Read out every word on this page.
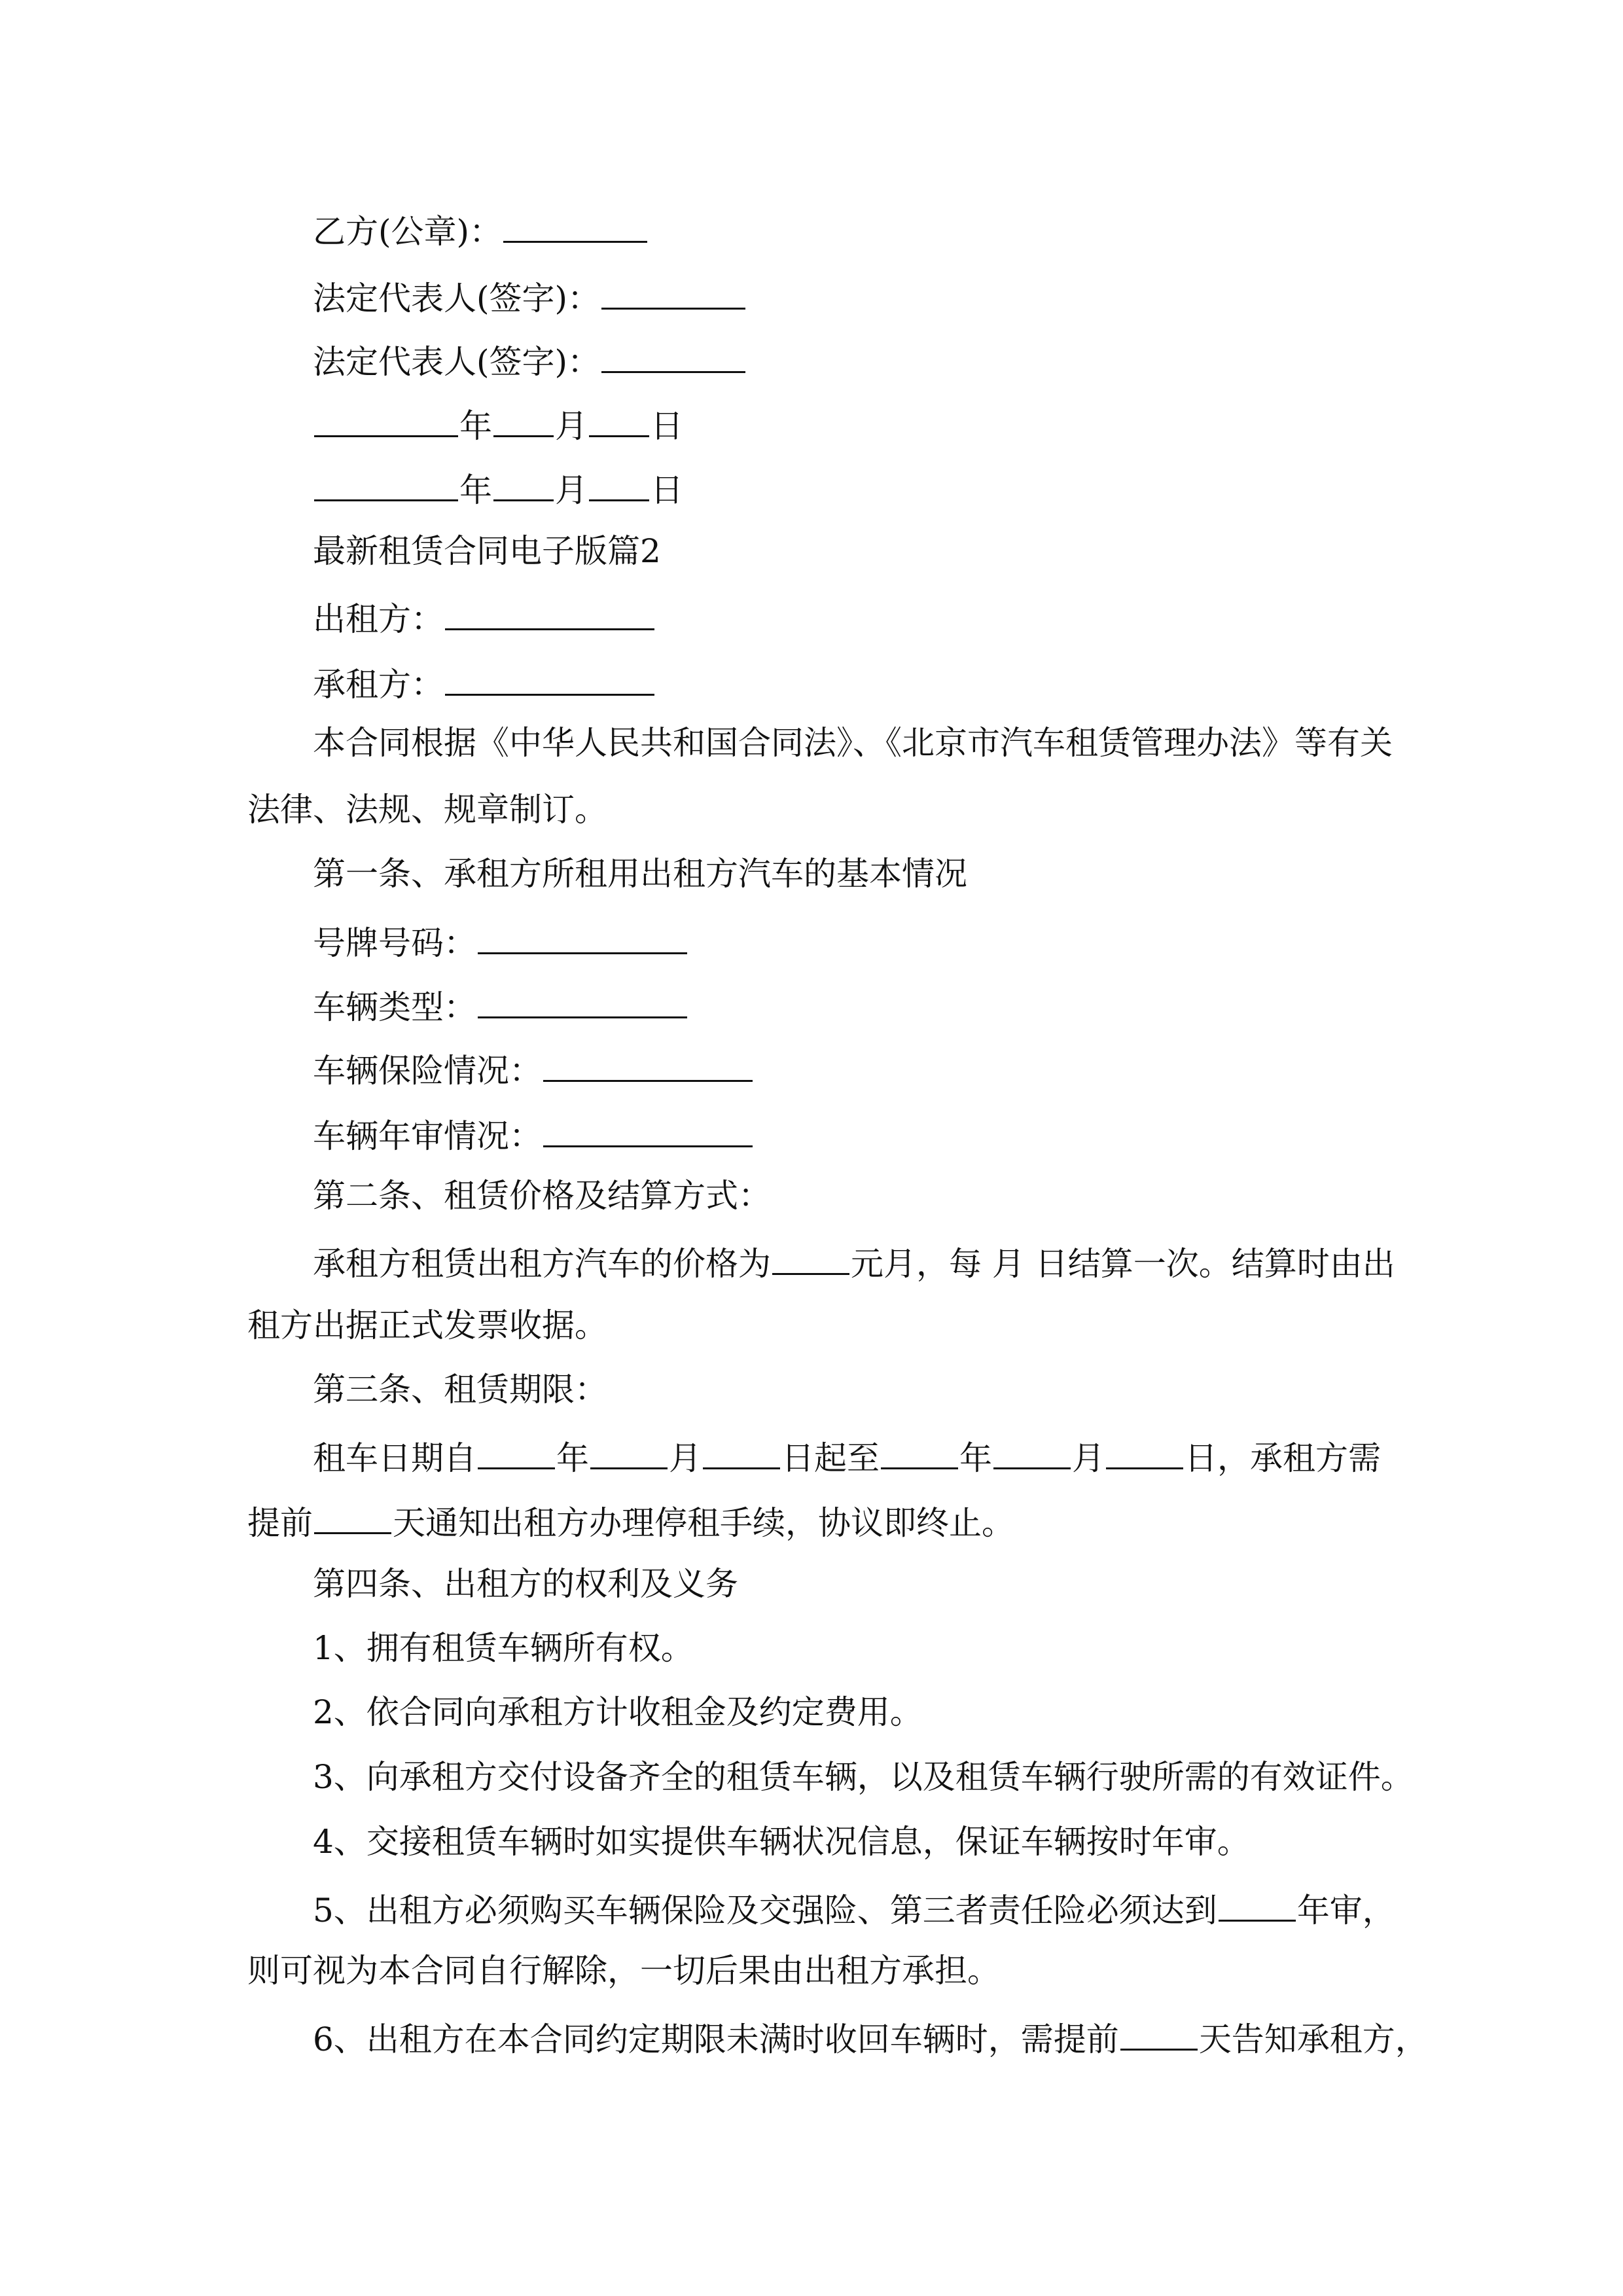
乙方(公章)：
法定代表人(签字)：
法定代表人(签字)：
年 月 日
年 月 日
最新租赁合同电子版篇2
出租方：
承租方：
本合同根据《中华人民共和国合同法》、《北京市汽车租赁管理办法》等有关
法律、法规、规章制订。
第一条、承租方所租用出租方汽车的基本情况
号牌号码：
车辆类型：
车辆保险情况：
车辆年审情况：
第二条、租赁价格及结算方式：
承租方租赁出租方汽车的价格为 元月，每 月 日结算一次。结算时由出
租方出据正式发票收据。
第三条、租赁期限：
租车日期自 年 月 日起至 年 月 日，承租方需
提前 天通知出租方办理停租手续，协议即终止。
第四条、出租方的权利及义务
1、拥有租赁车辆所有权。
2、依合同向承租方计收租金及约定费用。
3、向承租方交付设备齐全的租赁车辆，以及租赁车辆行驶所需的有效证件。
4、交接租赁车辆时如实提供车辆状况信息，保证车辆按时年审。
5、出租方必须购买车辆保险及交强险、第三者责任险必须达到 年审，
则可视为本合同自行解除，一切后果由出租方承担。
6、出租方在本合同约定期限未满时收回车辆时，需提前 天告知承租方，
